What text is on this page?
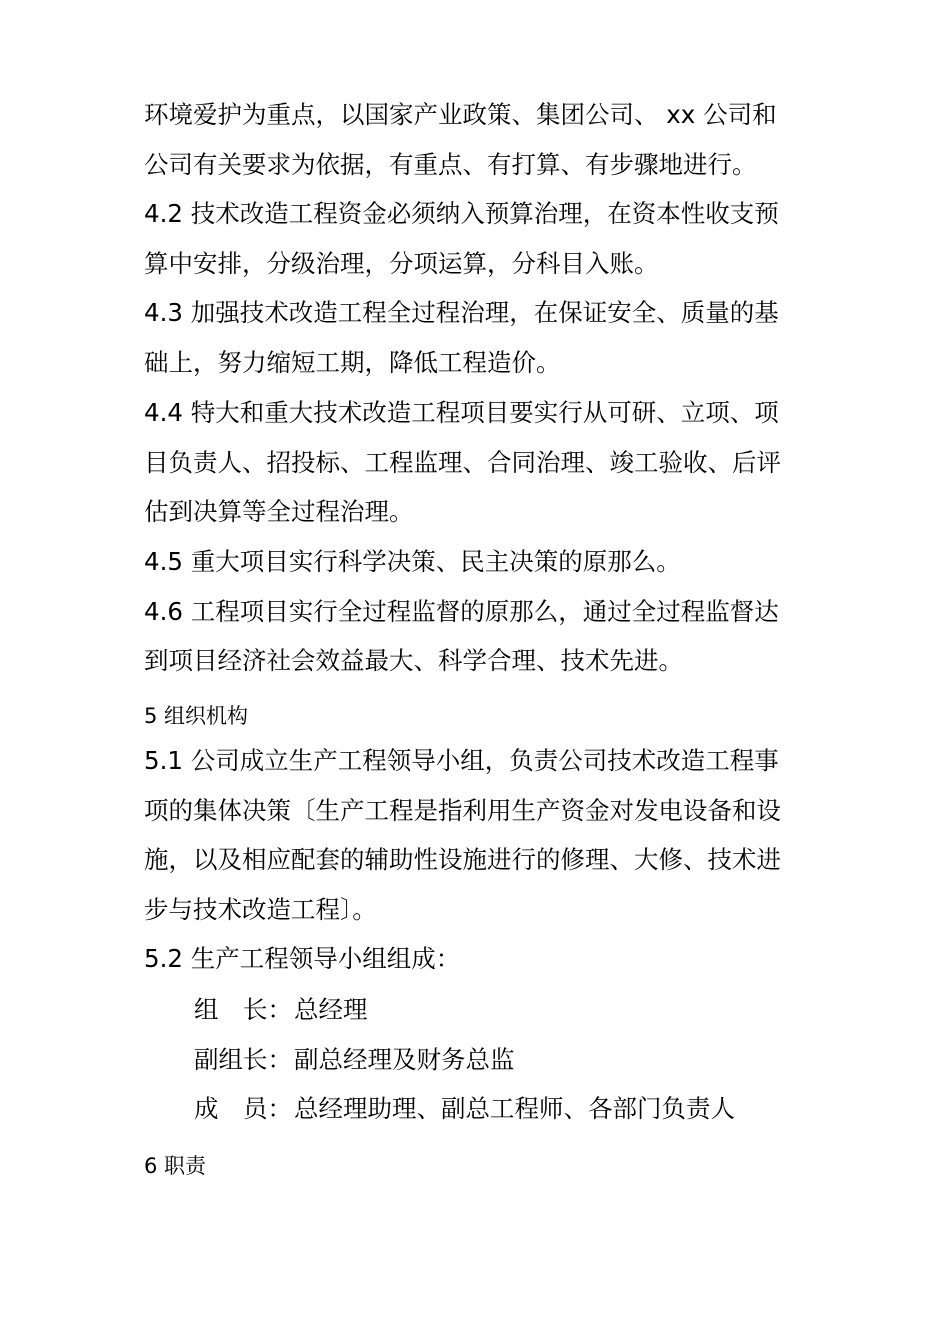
环境爱护为重点，以国家产业政策、集团公司、 xx 公司和
公司有关要求为依据，有重点、有打算、有步骤地进行。
4.2 技术改造工程资金必须纳入预算治理，在资本性收支预
算中安排，分级治理，分项运算，分科目入账。
4.3 加强技术改造工程全过程治理，在保证安全、质量的基
础上，努力缩短工期，降低工程造价。
4.4 特大和重大技术改造工程项目要实行从可研、立项、项
目负责人、招投标、工程监理、合同治理、竣工验收、后评
估到决算等全过程治理。
4.5 重大项目实行科学决策、民主决策的原那么。
4.6 工程项目实行全过程监督的原那么，通过全过程监督达
到项目经济社会效益最大、科学合理、技术先进。
5 组织机构
5.1 公司成立生产工程领导小组，负责公司技术改造工程事
项的集体决策〔生产工程是指利用生产资金对发电设备和设
施，以及相应配套的辅助性设施进行的修理、大修、技术进
步与技术改造工程〕。
5.2 生产工程领导小组组成：
组　长：总经理
副组长：副总经理及财务总监
成　员：总经理助理、副总工程师、各部门负责人
6 职责
